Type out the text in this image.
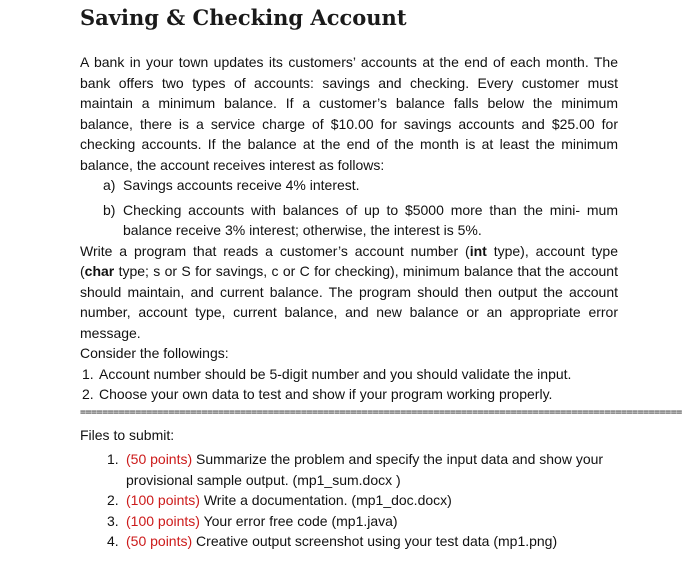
Saving & Checking Account

A bank in your town updates its customers’ accounts at the end of each month. The bank offers two types of accounts: savings and checking. Every customer must maintain a minimum balance. If a customer’s balance falls below the minimum balance, there is a service charge of $10.00 for savings accounts and $25.00 for checking accounts. If the balance at the end of the month is at least the minimum balance, the account receives interest as follows:

a) Savings accounts receive 4% interest.
b) Checking accounts with balances of up to $5000 more than the mini- mum balance receive 3% interest; otherwise, the interest is 5%.

Write a program that reads a customer’s account number (int type), account type (char type; s or S for savings, c or C for checking), minimum balance that the account should maintain, and current balance. The program should then output the account number, account type, current balance, and new balance or an appropriate error message.

Consider the followings:

1. Account number should be 5-digit number and you should validate the input.
2. Choose your own data to test and show if your program working properly.
=============================================================================================================

Files to submit:

1. (50 points) Summarize the problem and specify the input data and show your provisional sample output. (mp1_sum.docx )
2. (100 points) Write a documentation. (mp1_doc.docx)
3. (100 points) Your error free code (mp1.java)
4. (50 points) Creative output screenshot using your test data (mp1.png)
